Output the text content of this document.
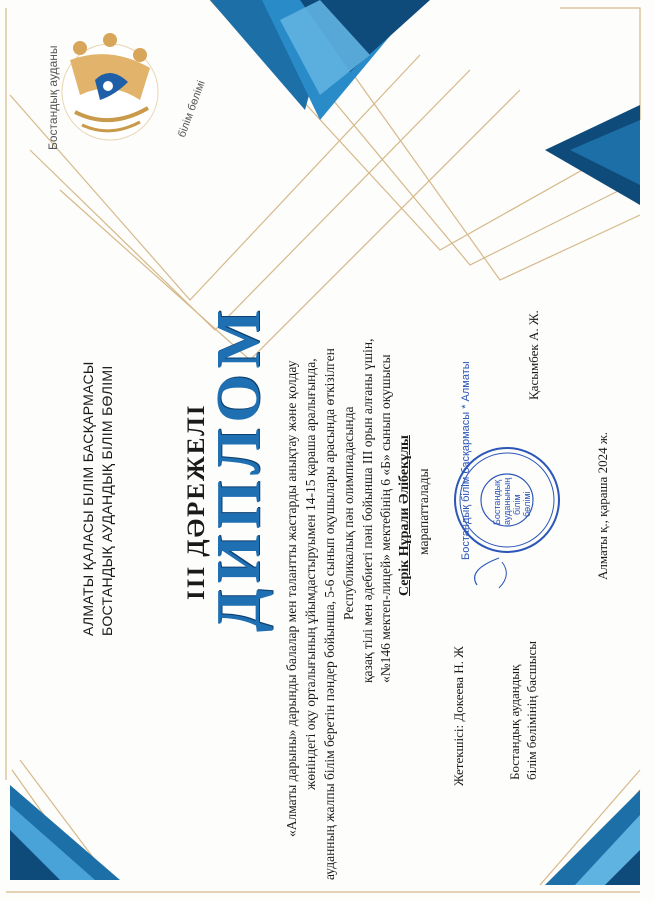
Бостандық ауданы	білім бөлімі
АЛМАТЫ ҚАЛАСЫ БІЛІМ БАСҚАРМАСЫ БОСТАНДЫҚ АУДАНДЫҚ БІЛІМ БӨЛІМІ	III ДӘРЕЖЕЛІ
ДИПЛОМ «Алматы дарыны» дарынды балалар мен талантты жастарды анықтау және қолдау жөніндегі оқу орталығының ұйымдастыруымен 14-15 қараша аралығында, ауданның жалпы білім беретін пәндер бойынша, 5-6 сынып оқушылары арасында өткізілген Республикалық пән олимпиадасында қазақ тілі мен әдебиеті пәні бойынша III орын алғаны үшін, «№146 мектеп-лицей» мектебінің 6 «Б» сынып оқушысы Серік Нұрали Әлібекұлы марапатталады
Жетекшісі: Докеева Н. Ж	Бостандық аудандық білім бөлімінің басшысы
Қасымбек А. Ж.
Бостандық білім басқармасы * Алматы Бостандық ауданының білім бөлімі	Алматы қ., қараша 2024 ж.
